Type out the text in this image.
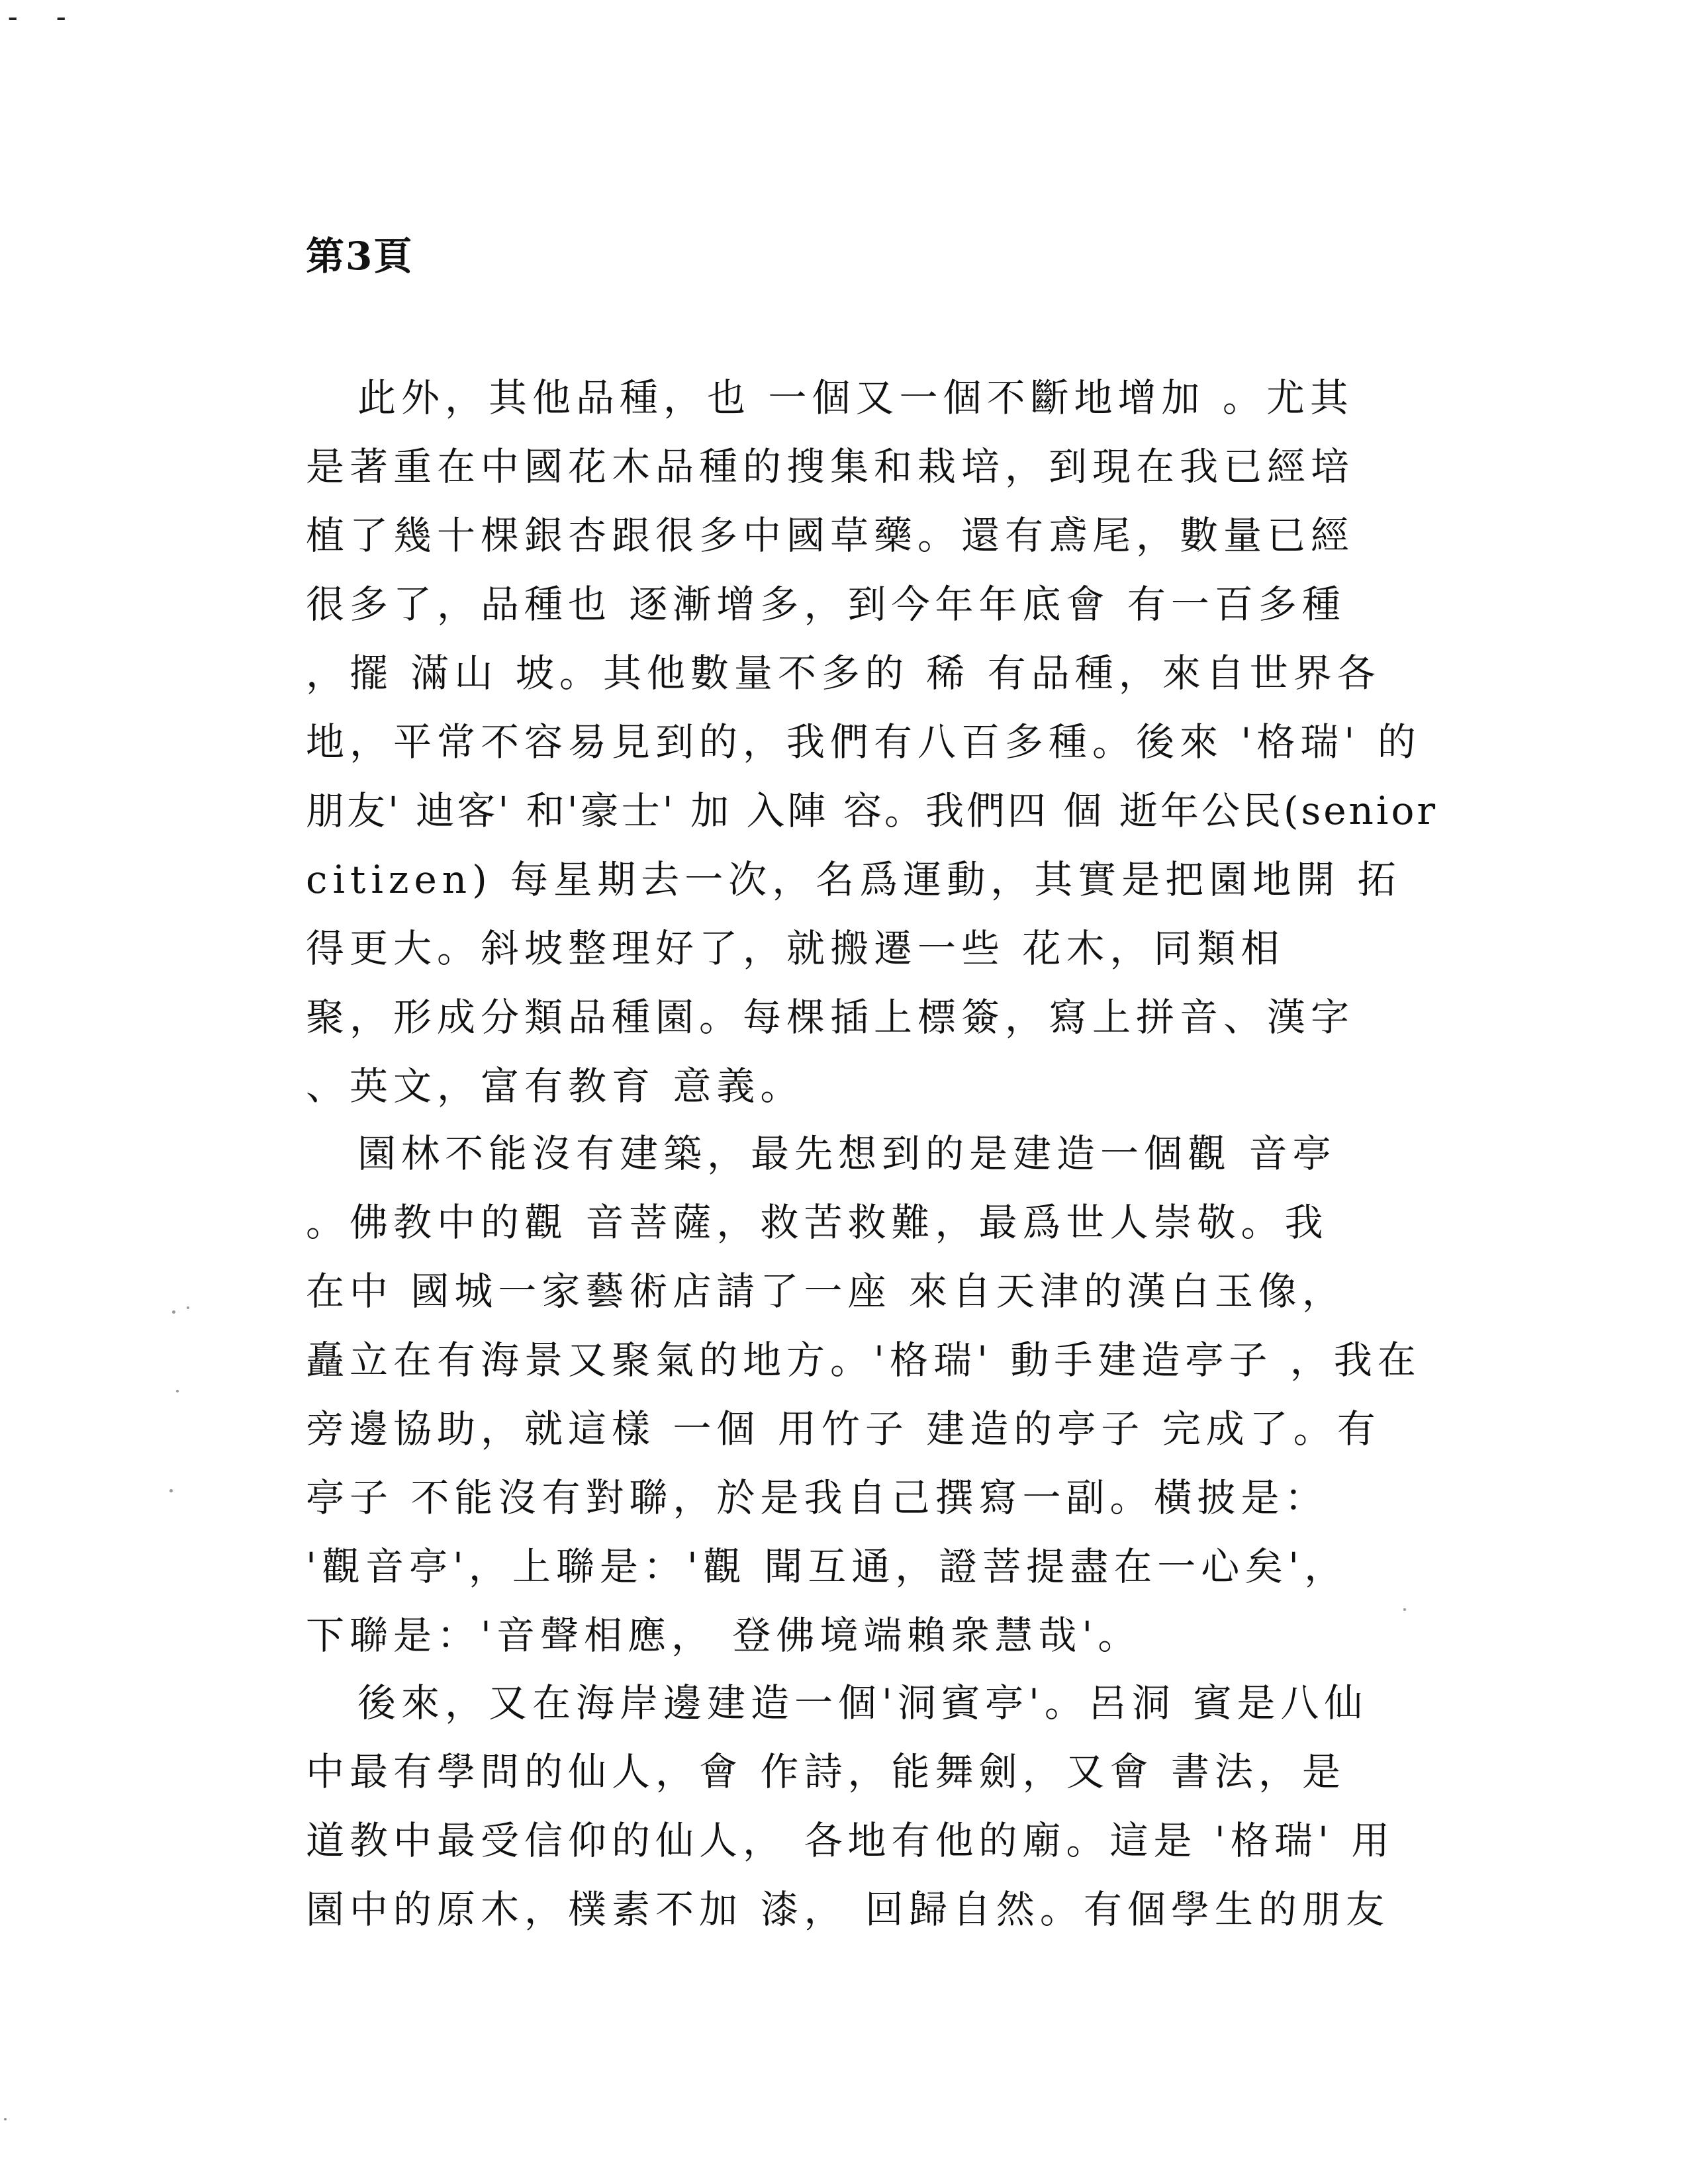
- -
第3頁
此外，其他品種，也 一個又一個不斷地增加 。尤其
是著重在中國花木品種的搜集和栽培，到現在我已經培
植了幾十棵銀杏跟很多中國草藥。還有鳶尾，數量已經
很多了，品種也 逐漸增多，到今年年底會 有一百多種
，擺 滿山 坡。其他數量不多的 稀 有品種，來自世界各
地，平常不容易見到的，我們有八百多種。後來 '格瑞' 的
朋友' 迪客' 和'豪士' 加 入陣 容。我們四 個 逝年公民(senior
citizen) 每星期去一次，名爲運動，其實是把園地開 拓
得更大。斜坡整理好了，就搬遷一些 花木，同類相
聚，形成分類品種園。每棵插上標簽，寫上拼音、漢字
、英文，富有教育 意義。
園林不能沒有建築，最先想到的是建造一個觀 音亭
。佛教中的觀 音菩薩，救苦救難，最爲世人崇敬。我
在中 國城一家藝術店請了一座 來自天津的漢白玉像，
矗立在有海景又聚氣的地方。'格瑞' 動手建造亭子 ，我在
旁邊協助，就這樣 一個 用竹子 建造的亭子 完成了。有
亭子 不能沒有對聯，於是我自己撰寫一副。橫披是：
'觀音亭'，上聯是：'觀 聞互通，證菩提盡在一心矣'，
下聯是：'音聲相應， 登佛境端賴衆慧哉'。
後來，又在海岸邊建造一個'洞賓亭'。呂洞 賓是八仙
中最有學問的仙人，會 作詩，能舞劍，又會 書法，是
道教中最受信仰的仙人， 各地有他的廟。這是 '格瑞' 用
園中的原木，樸素不加 漆， 回歸自然。有個學生的朋友
